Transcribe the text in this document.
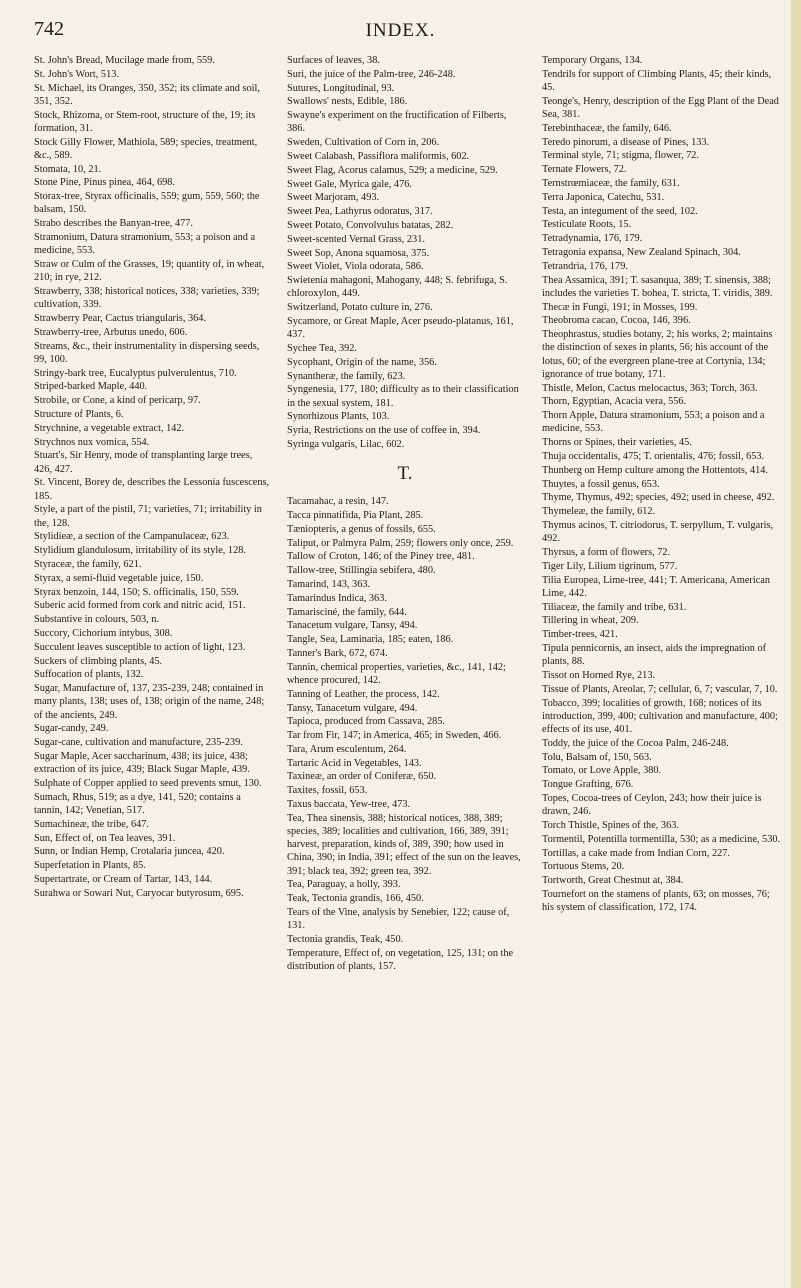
742	INDEX.
St. John's Bread, Mucilage made from, 559.
St. John's Wort, 513.
St. Michael, its Oranges, 350, 352; its climate and soil, 351, 352.
Stock, Rhizoma, or Stem-root, structure of the, 19; its formation, 31.
Stock Gilly Flower, Mathiola, 589; species, treatment, &c., 589.
Stomata, 10, 21.
Stone Pine, Pinus pinea, 464, 698.
Storax-tree, Styrax officinalis, 559; gum, 559, 560; the balsam, 150.
Strabo describes the Banyan-tree, 477.
Stramonium, Datura stramonium, 553; a poison and a medicine, 553.
Straw or Culm of the Grasses, 19; quantity of, in wheat, 210; in rye, 212.
Strawberry, 338; historical notices, 338; varieties, 339; cultivation, 339.
Strawberry Pear, Cactus triangularis, 364.
Strawberry-tree, Arbutus unedo, 606.
Streams, &c., their instrumentality in dispersing seeds, 99, 100.
Stringy-bark tree, Eucalyptus pulverulentus, 710.
Striped-barked Maple, 440.
Strobile, or Cone, a kind of pericarp, 97.
Structure of Plants, 6.
Strychnine, a vegetable extract, 142.
Strychnos nux vomica, 554.
Stuart's, Sir Henry, mode of transplanting large trees, 426, 427.
St. Vincent, Borey de, describes the Lessonia fuscescens, 185.
Style, a part of the pistil, 71; varieties, 71; irritability in the, 128.
Stylidieæ, a section of the Campanulaceæ, 623.
Stylidium glandulosum, irritability of its style, 128.
Styraceæ, the family, 621.
Styrax, a semi-fluid vegetable juice, 150.
Styrax benzoin, 144, 150; S. officinalis, 150, 559.
Suberic acid formed from cork and nitric acid, 151.
Substantive in colours, 503, n.
Succory, Cichorium intybus, 308.
Succulent leaves susceptible to action of light, 123.
Suckers of climbing plants, 45.
Suffocation of plants, 132.
Sugar, Manufacture of, 137, 235-239, 248; contained in many plants, 138; uses of, 138; origin of the name, 248; of the ancients, 249.
Sugar-candy, 249.
Sugar-cane, cultivation and manufacture, 235-239.
Sugar Maple, Acer saccharinum, 438; its juice, 438; extraction of its juice, 439; Black Sugar Maple, 439.
Sulphate of Copper applied to seed prevents smut, 130.
Sumach, Rhus, 519; as a dye, 141, 520; contains a tannin, 142; Venetian, 517.
Sumachineæ, the tribe, 647.
Sun, Effect of, on Tea leaves, 391.
Sunn, or Indian Hemp, Crotalaria juncea, 420.
Superfetation in Plants, 85.
Supertartrate, or Cream of Tartar, 143, 144.
Surahwa or Sowari Nut, Caryocar butyrosum, 695.
Surfaces of leaves, 38.
Suri, the juice of the Palm-tree, 246-248.
Sutures, Longitudinal, 93.
Swallows' nests, Edible, 186.
Swayne's experiment on the fructification of Filberts, 386.
Sweden, Cultivation of Corn in, 206.
Sweet Calabash, Passiflora maliformis, 602.
Sweet Flag, Acorus calamus, 529; a medicine, 529.
Sweet Gale, Myrica gale, 476.
Sweet Marjoram, 493.
Sweet Pea, Lathyrus odoratus, 317.
Sweet Potato, Convolvulus batatas, 282.
Sweet-scented Vernal Grass, 231.
Sweet Sop, Anona squamosa, 375.
Sweet Violet, Viola odorata, 586.
Swietenia mahagoni, Mahogany, 448; S. febrifuga, S. chloroxylon, 449.
Switzerland, Potato culture in, 276.
Sycamore, or Great Maple, Acer pseudo-platanus, 161, 437.
Sychee Tea, 392.
Sycophant, Origin of the name, 356.
Synantheræ, the family, 623.
Syngenesia, 177, 180; difficulty as to their classification in the sexual system, 181.
Synorhizous Plants, 103.
Syria, Restrictions on the use of coffee in, 394.
Syringa vulgaris, Lilac, 602.
T.
Tacamahac, a resin, 147.
Tacca pinnatifida, Pia Plant, 285.
Tæniopteris, a genus of fossils, 655.
Taliput, or Palmyra Palm, 259; flowers only once, 259.
Tallow of Croton, 146; of the Piney tree, 481.
Tallow-tree, Stillingia sebifera, 480.
Tamarind, 143, 363.
Tamarindus Indica, 363.
Tamarisciné, the family, 644.
Tanacetum vulgare, Tansy, 494.
Tangle, Sea, Laminaria, 185; eaten, 186.
Tanner's Bark, 672, 674.
Tannin, chemical properties, varieties, &c., 141, 142; whence procured, 142.
Tanning of Leather, the process, 142.
Tansy, Tanacetum vulgare, 494.
Tapioca, produced from Cassava, 285.
Tar from Fir, 147; in America, 465; in Sweden, 466.
Tara, Arum esculentum, 264.
Tartaric Acid in Vegetables, 143.
Taxineæ, an order of Coniferæ, 650.
Taxites, fossil, 653.
Taxus baccata, Yew-tree, 473.
Tea, Thea sinensis, 388; historical notices, 388, 389; species, 389; localities and cultivation, 166, 389, 391; harvest, preparation, kinds of, 389, 390; how used in China, 390; in India, 391; effect of the sun on the leaves, 391; black tea, 392; green tea, 392.
Tea, Paraguay, a holly, 393.
Teak, Tectonia grandis, 166, 450.
Tears of the Vine, analysis by Senebier, 122; cause of, 131.
Tectonia grandis, Teak, 450.
Temperature, Effect of, on vegetation, 125, 131; on the distribution of plants, 157.
Temporary Organs, 134.
Tendrils for support of Climbing Plants, 45; their kinds, 45.
Teonge's, Henry, description of the Egg Plant of the Dead Sea, 381.
Terebinthaceæ, the family, 646.
Teredo pinorum, a disease of Pines, 133.
Terminal style, 71; stigma, flower, 72.
Ternate Flowers, 72.
Ternstrœmiaceæ, the family, 631.
Terra Japonica, Catechu, 531.
Testa, an integument of the seed, 102.
Testiculate Roots, 15.
Tetradynamia, 176, 179.
Tetragonia expansa, New Zealand Spinach, 304.
Tetrandria, 176, 179.
Thea Assamica, 391; T. sasanqua, 389; T. sinensis, 388; includes the varieties T. bohea, T. stricta, T. viridis, 389.
Thecæ in Fungi, 191; in Mosses, 199.
Theobroma cacao, Cocoa, 146, 396.
Theophrastus, studies botany, 2; his works, 2; maintains the distinction of sexes in plants, 56; his account of the lotus, 60; of the evergreen plane-tree at Cortynia, 134; ignorance of true botany, 171.
Thistle, Melon, Cactus melocactus, 363; Torch, 363.
Thorn, Egyptian, Acacia vera, 556.
Thorn Apple, Datura stramonium, 553; a poison and a medicine, 553.
Thorns or Spines, their varieties, 45.
Thuja occidentalis, 475; T. orientalis, 476; fossil, 653.
Thunberg on Hemp culture among the Hottentots, 414.
Thuytes, a fossil genus, 653.
Thyme, Thymus, 492; species, 492; used in cheese, 492.
Thymeleæ, the family, 612.
Thymus acinos, T. citriodorus, T. serpyllum, T. vulgaris, 492.
Thyrsus, a form of flowers, 72.
Tiger Lily, Lilium tigrinum, 577.
Tilia Europea, Lime-tree, 441; T. Americana, American Lime, 442.
Tiliaceæ, the family and tribe, 631.
Tillering in wheat, 209.
Timber-trees, 421.
Tipula pennicornis, an insect, aids the impregnation of plants, 88.
Tissot on Horned Rye, 213.
Tissue of Plants, Areolar, 7; cellular, 6, 7; vascular, 7, 10.
Tobacco, 399; localities of growth, 168; notices of its introduction, 399, 400; cultivation and manufacture, 400; effects of its use, 401.
Toddy, the juice of the Cocoa Palm, 246-248.
Tolu, Balsam of, 150, 563.
Tomato, or Love Apple, 380.
Tongue Grafting, 676.
Topes, Cocoa-trees of Ceylon, 243; how their juice is drawn, 246.
Torch Thistle, Spines of the, 363.
Tormentil, Potentilla tormentilla, 530; as a medicine, 530.
Tortillas, a cake made from Indian Corn, 227.
Tortuous Stems, 20.
Tortworth, Great Chestnut at, 384.
Tournefort on the stamens of plants, 63; on mosses, 76; his system of classification, 172, 174.
